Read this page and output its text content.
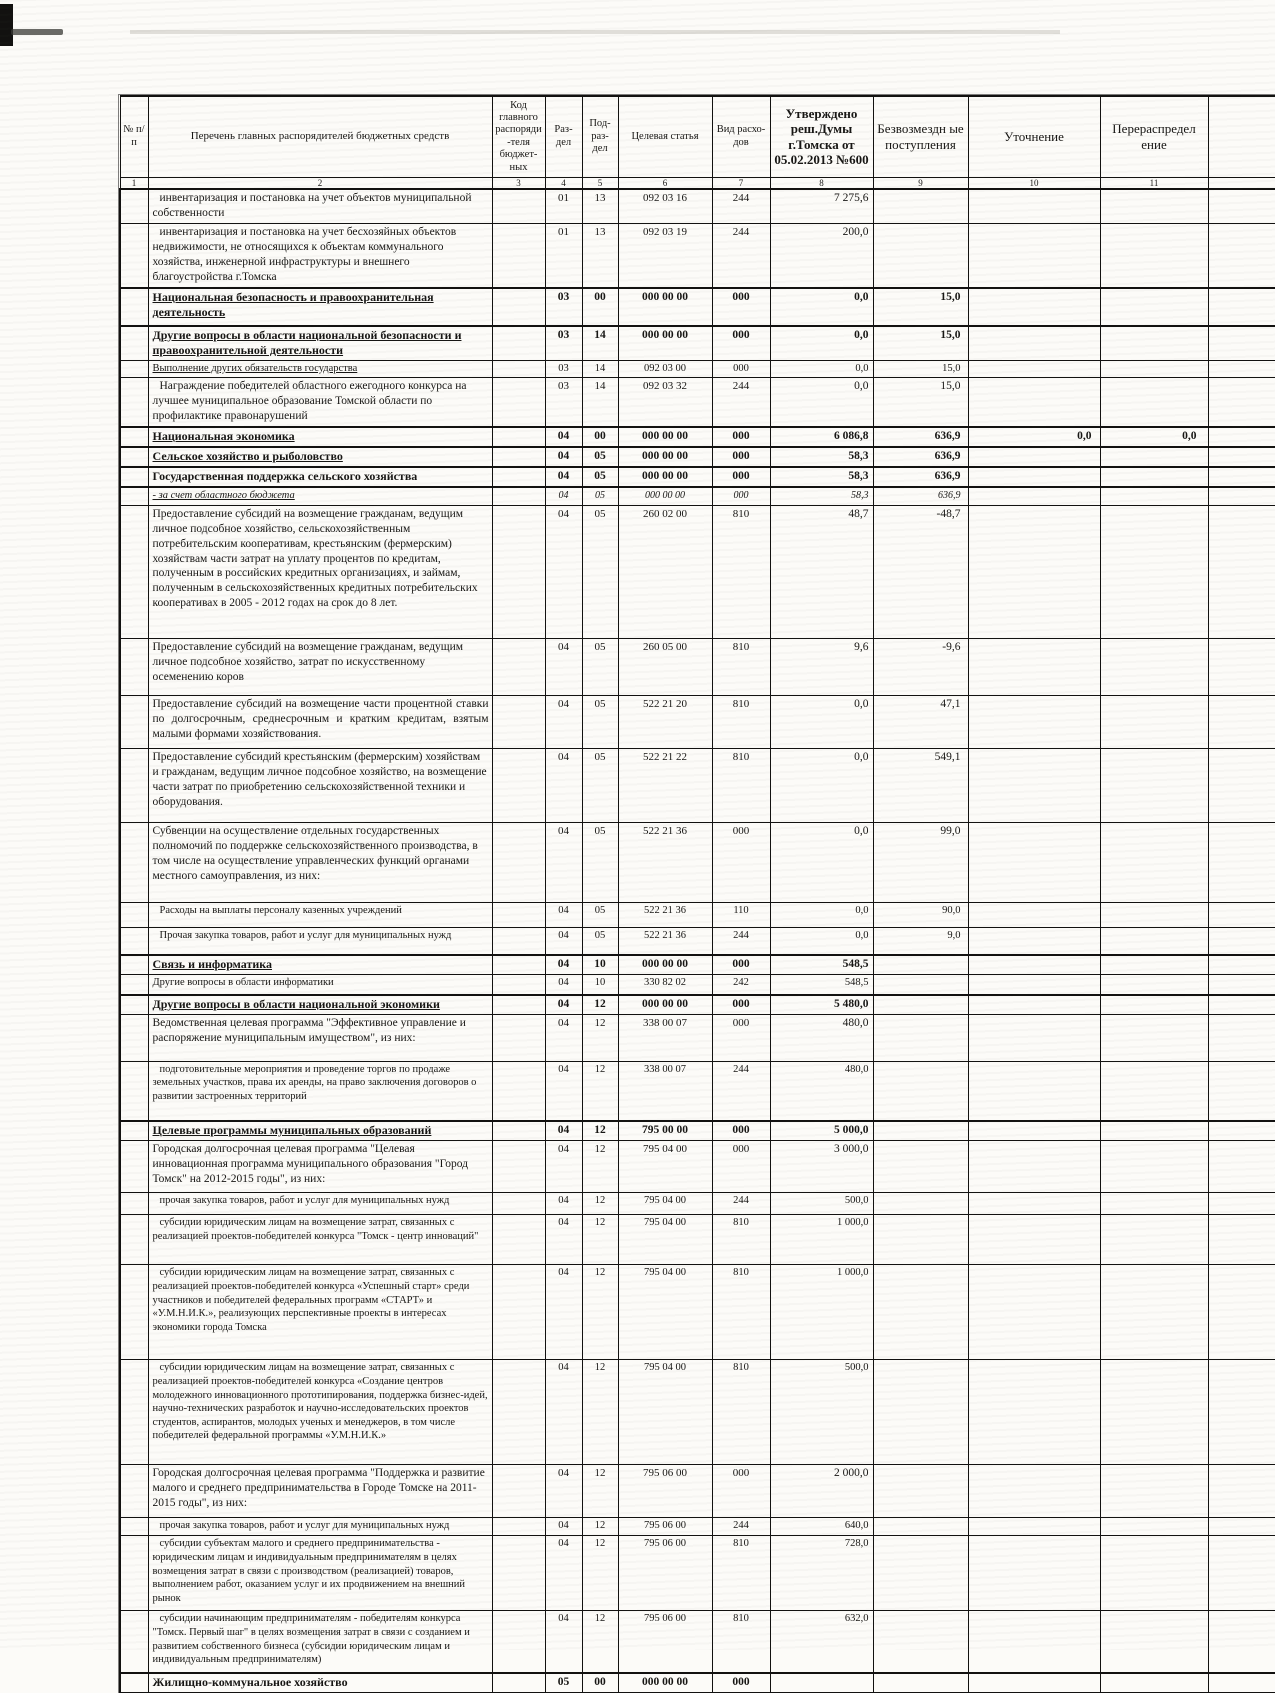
№ п/п	Перечень главных распорядителей бюджетных средств	Код главного распоряди-теля бюджет-ных	Раз-дел	Под-раз-дел	Целевая статья	Вид расхо-дов	Утверждено реш.Думы г.Томска от 05.02.2013 №600	Безвозмездн ые поступления	Уточнение	Перераспредел ение	
1	2	3	4	5	6	7	8	9	10	11	
	инвентаризация и постановка на учет объектов муниципальной собственности		01	13	092 03 16	244	7 275,6				
	инвентаризация и постановка на учет бесхозяйных объектов недвижимости, не относящихся к объектам коммунального хозяйства, инженерной инфраструктуры и внешнего благоустройства г.Томска		01	13	092 03 19	244	200,0				
	Национальная безопасность и правоохранительная деятельность		03	00	000 00 00	000	0,0	15,0			
	Другие вопросы в области национальной безопасности и правоохранительной деятельности		03	14	000 00 00	000	0,0	15,0			
	Выполнение других обязательств государства		03	14	092 03 00	000	0,0	15,0			
	Награждение победителей областного ежегодного конкурса на лучшее муниципальное образование Томской области по профилактике правонарушений		03	14	092 03 32	244	0,0	15,0			
	Национальная экономика		04	00	000 00 00	000	6 086,8	636,9	0,0	0,0	
	Сельское хозяйство и рыболовство		04	05	000 00 00	000	58,3	636,9			
	Государственная поддержка сельского хозяйства		04	05	000 00 00	000	58,3	636,9			
	- за счет областного бюджета		04	05	000 00 00	000	58,3	636,9			
	Предоставление субсидий на возмещение гражданам, ведущим личное подсобное хозяйство, сельскохозяйственным потребительским кооперативам, крестьянским (фермерским) хозяйствам части затрат на уплату процентов по кредитам, полученным в российских кредитных организациях, и займам, полученным в сельскохозяйственных кредитных потребительских кооперативах в 2005 - 2012 годах на срок до 8 лет.		04	05	260 02 00	810	48,7	-48,7			
	Предоставление субсидий на возмещение гражданам, ведущим личное подсобное хозяйство, затрат по искусственному осеменению коров		04	05	260 05 00	810	9,6	-9,6			
	Предоставление субсидий на возмещение части процентной ставки по долгосрочным, среднесрочным и кратким кредитам, взятым малыми формами хозяйствования.		04	05	522 21 20	810	0,0	47,1			
	Предоставление субсидий крестьянским (фермерским) хозяйствам и гражданам, ведущим личное подсобное хозяйство, на возмещение части затрат по приобретению сельскохозяйственной техники и оборудования.		04	05	522 21 22	810	0,0	549,1			
	Субвенции на осуществление отдельных государственных полномочий по поддержке сельскохозяйственного производства, в том числе на осуществление управленческих функций органами местного самоуправления, из них:		04	05	522 21 36	000	0,0	99,0			
	Расходы на выплаты персоналу казенных учреждений		04	05	522 21 36	110	0,0	90,0			
	Прочая закупка товаров, работ и услуг для муниципальных нужд		04	05	522 21 36	244	0,0	9,0			
	Связь и информатика		04	10	000 00 00	000	548,5				
	Другие вопросы в области информатики		04	10	330 82 02	242	548,5				
	Другие вопросы в области национальной экономики		04	12	000 00 00	000	5 480,0				
	Ведомственная целевая программа "Эффективное управление и распоряжение муниципальным имуществом", из них:		04	12	338 00 07	000	480,0				
	подготовительные мероприятия и проведение торгов по продаже земельных участков, права их аренды, на право заключения договоров о развитии застроенных территорий		04	12	338 00 07	244	480,0				
	Целевые программы муниципальных образований		04	12	795 00 00	000	5 000,0				
	Городская долгосрочная целевая программа "Целевая инновационная программа муниципального образования "Город Томск" на 2012-2015 годы", из них:		04	12	795 04 00	000	3 000,0				
	прочая закупка товаров, работ и услуг для муниципальных нужд		04	12	795 04 00	244	500,0				
	субсидии юридическим лицам на возмещение затрат, связанных с реализацией проектов-победителей конкурса "Томск - центр инноваций"		04	12	795 04 00	810	1 000,0				
	субсидии юридическим лицам на возмещение затрат, связанных с реализацией проектов-победителей конкурса «Успешный старт» среди участников и победителей федеральных программ «СТАРТ» и «У.М.Н.И.К.», реализующих перспективные проекты в интересах экономики города Томска		04	12	795 04 00	810	1 000,0				
	субсидии юридическим лицам на возмещение затрат, связанных с реализацией проектов-победителей конкурса «Создание центров молодежного инновационного прототипирования, поддержка бизнес-идей, научно-технических разработок и научно-исследовательских проектов студентов, аспирантов, молодых ученых и менеджеров, в том числе победителей федеральной программы «У.М.Н.И.К.»		04	12	795 04 00	810	500,0				
	Городская долгосрочная целевая программа "Поддержка и развитие малого и среднего предпринимательства в Городе Томске на 2011-2015 годы", из них:		04	12	795 06 00	000	2 000,0				
	прочая закупка товаров, работ и услуг для муниципальных нужд		04	12	795 06 00	244	640,0				
	субсидии субъектам малого и среднего предпринимательства - юридическим лицам и индивидуальным предпринимателям в целях возмещения затрат в связи с производством (реализацией) товаров, выполнением работ, оказанием услуг и их продвижением на внешний рынок		04	12	795 06 00	810	728,0				
	субсидии начинающим предпринимателям - победителям конкурса "Томск. Первый шаг" в целях возмещения затрат в связи с созданием и развитием собственного бизнеса (субсидии юридическим лицам и индивидуальным предпринимателям)		04	12	795 06 00	810	632,0				
	Жилищно-коммунальное хозяйство		05	00	000 00 00	000					
